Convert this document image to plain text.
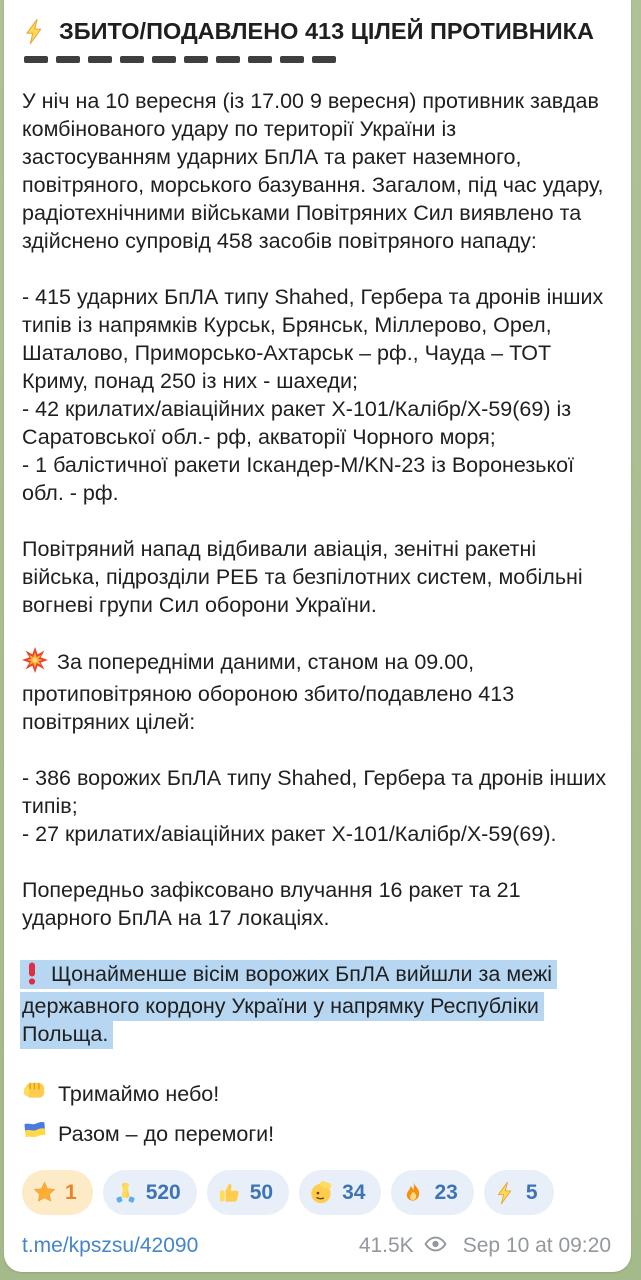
ЗБИТО/ПОДАВЛЕНО 413 ЦІЛЕЙ ПРОТИВНИКА

У ніч на 10 вересня (із 17.00 9 вересня) противник завдав комбінованого удару по території України із застосуванням ударних БпЛА та ракет наземного, повітряного, морського базування. Загалом, під час удару, радіотехнічними військами Повітряних Сил виявлено та здійснено супровід 458 засобів повітряного нападу:

- 415 ударних БпЛА типу Shahed, Гербера та дронів інших типів із напрямків Курськ, Брянськ, Міллерово, Орел, Шаталово, Приморсько-Ахтарськ – рф., Чауда – ТОТ Криму, понад 250 із них - шахеди;
- 42 крилатих/авіаційних ракет Х-101/Калібр/Х-59(69) із Саратовської обл.- рф, акваторії Чорного моря;
- 1 балістичної ракети Іскандер-М/KN-23 із Воронезької обл. - рф.

Повітряний напад відбивали авіація, зенітні ракетні війська, підрозділи РЕБ та безпілотних систем, мобільні вогневі групи Сил оборони України.

За попередніми даними, станом на 09.00, протиповітряною обороною збито/подавлено 413 повітряних цілей:

- 386 ворожих БпЛА типу Shahed, Гербера та дронів інших типів;
- 27 крилатих/авіаційних ракет Х-101/Калібр/Х-59(69).

Попередньо зафіксовано влучання 16 ракет та 21 ударного БпЛА на 17 локаціях.

Щонайменше вісім ворожих БпЛА вийшли за межі державного кордону України у напрямку Республіки Польща.

Тримаймо небо!
Разом – до перемоги!
1	520	50	34	23	5
t.me/kpszsu/42090	41.5K Sep 10 at 09:20
